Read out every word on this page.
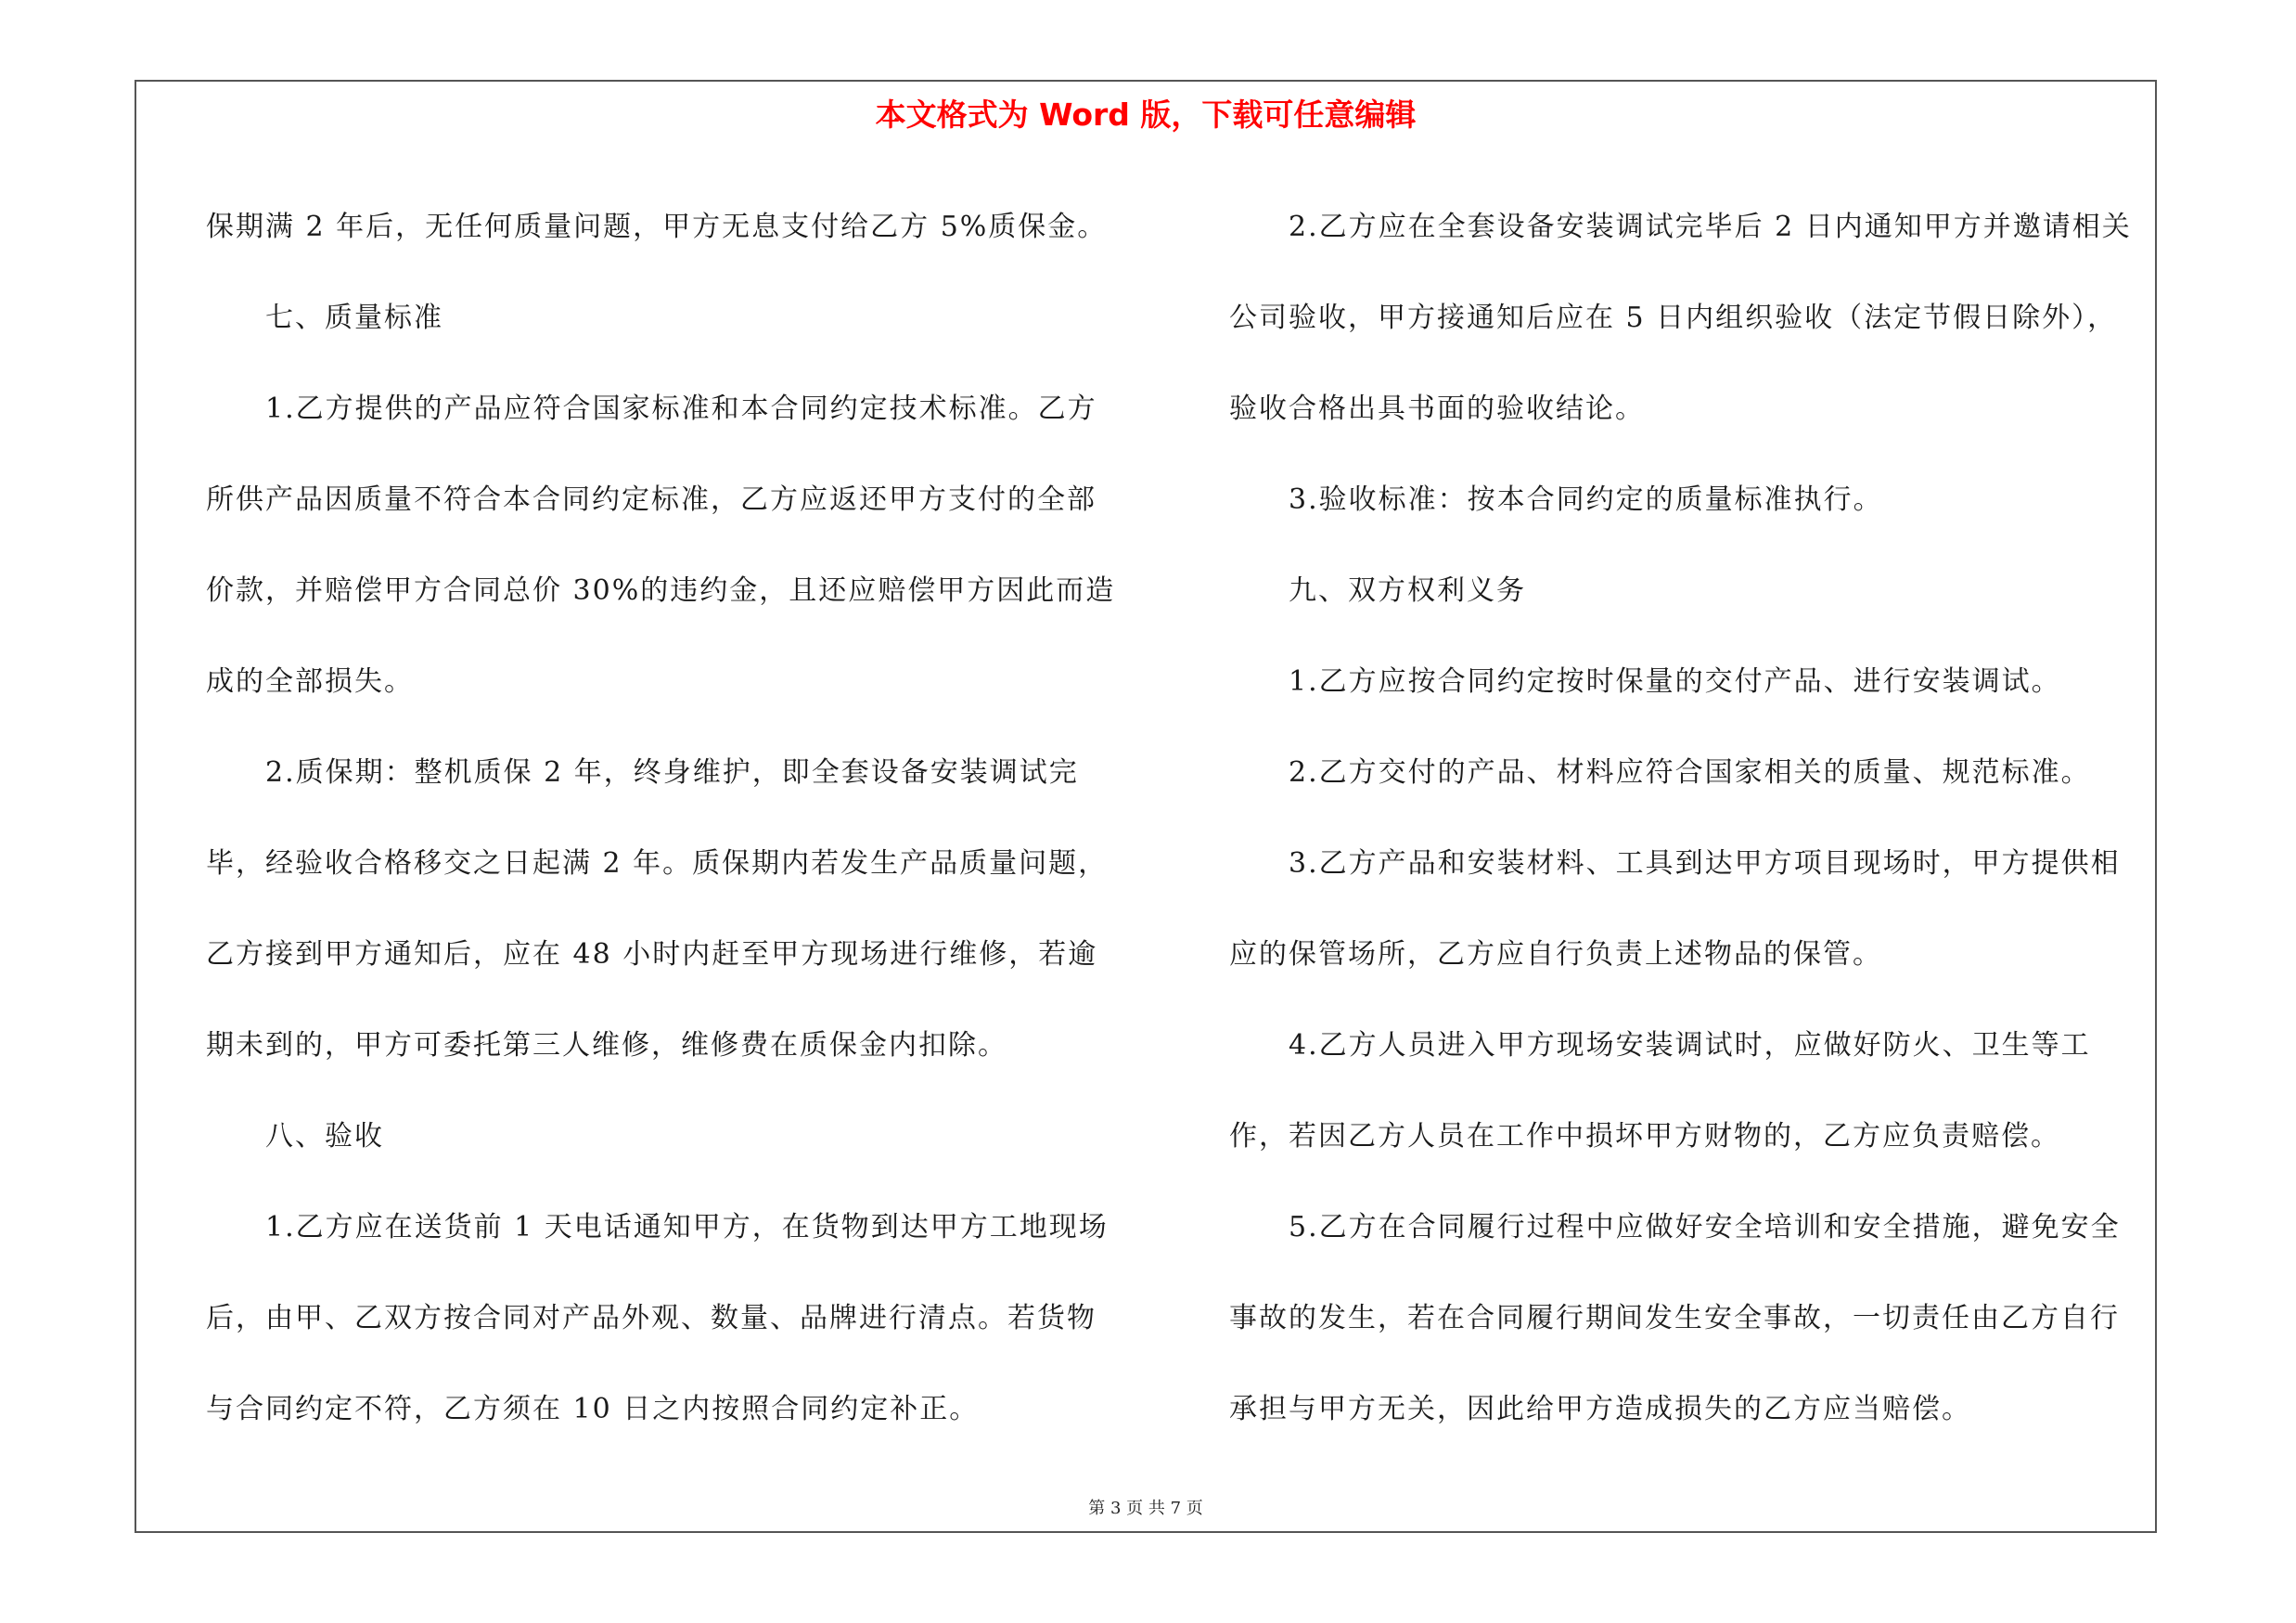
本文格式为 Word 版，下载可任意编辑

保期满 2 年后，无任何质量问题，甲方无息支付给乙方 5%质保金。

七、质量标准

1.乙方提供的产品应符合国家标准和本合同约定技术标准。乙方所供产品因质量不符合本合同约定标准，乙方应返还甲方支付的全部价款，并赔偿甲方合同总价 30%的违约金，且还应赔偿甲方因此而造成的全部损失。

2.质保期：整机质保 2 年，终身维护，即全套设备安装调试完毕，经验收合格移交之日起满 2 年。质保期内若发生产品质量问题，乙方接到甲方通知后，应在 48 小时内赶至甲方现场进行维修，若逾期未到的，甲方可委托第三人维修，维修费在质保金内扣除。

八、验收

1.乙方应在送货前 1 天电话通知甲方，在货物到达甲方工地现场后，由甲、乙双方按合同对产品外观、数量、品牌进行清点。若货物与合同约定不符，乙方须在 10 日之内按照合同约定补正。

2.乙方应在全套设备安装调试完毕后 2 日内通知甲方并邀请相关公司验收，甲方接通知后应在 5 日内组织验收（法定节假日除外），验收合格出具书面的验收结论。

3.验收标准：按本合同约定的质量标准执行。

九、双方权利义务

1.乙方应按合同约定按时保量的交付产品、进行安装调试。

2.乙方交付的产品、材料应符合国家相关的质量、规范标准。

3.乙方产品和安装材料、工具到达甲方项目现场时，甲方提供相应的保管场所，乙方应自行负责上述物品的保管。

4.乙方人员进入甲方现场安装调试时，应做好防火、卫生等工作，若因乙方人员在工作中损坏甲方财物的，乙方应负责赔偿。

5.乙方在合同履行过程中应做好安全培训和安全措施，避免安全事故的发生，若在合同履行期间发生安全事故，一切责任由乙方自行承担与甲方无关，因此给甲方造成损失的乙方应当赔偿。

第 3 页 共 7 页
